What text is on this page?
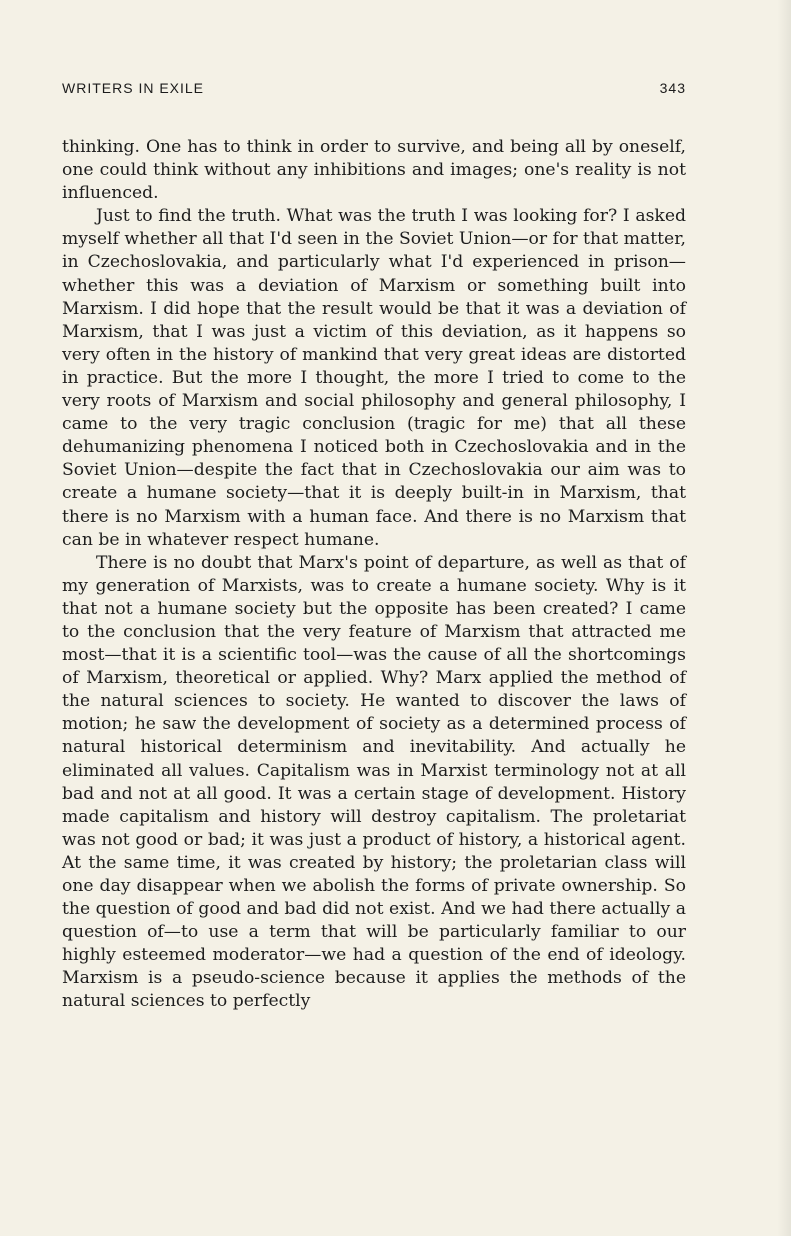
WRITERS IN EXILE	343

thinking. One has to think in order to survive, and being all by oneself, one could think without any inhibitions and images; one's reality is not influenced.

Just to find the truth. What was the truth I was looking for? I asked myself whether all that I'd seen in the Soviet Union—or for that matter, in Czechoslovakia, and particularly what I'd experienced in prison—whether this was a deviation of Marxism or something built into Marxism. I did hope that the result would be that it was a deviation of Marxism, that I was just a victim of this deviation, as it happens so very often in the history of mankind that very great ideas are distorted in practice. But the more I thought, the more I tried to come to the very roots of Marxism and social philosophy and general philosophy, I came to the very tragic conclusion (tragic for me) that all these dehumanizing phenomena I noticed both in Czechoslovakia and in the Soviet Union—despite the fact that in Czechoslovakia our aim was to create a humane society—that it is deeply built-in in Marxism, that there is no Marxism with a human face. And there is no Marxism that can be in whatever respect humane.

There is no doubt that Marx's point of departure, as well as that of my generation of Marxists, was to create a humane society. Why is it that not a humane society but the opposite has been created? I came to the conclusion that the very feature of Marxism that attracted me most—that it is a scientific tool—was the cause of all the shortcomings of Marxism, theoretical or applied. Why? Marx applied the method of the natural sciences to society. He wanted to discover the laws of motion; he saw the development of society as a determined process of natural historical determinism and inevitability. And actually he eliminated all values. Capitalism was in Marxist terminology not at all bad and not at all good. It was a certain stage of development. History made capitalism and history will destroy capitalism. The proletariat was not good or bad; it was just a product of history, a historical agent. At the same time, it was created by history; the proletarian class will one day disappear when we abolish the forms of private ownership. So the question of good and bad did not exist. And we had there actually a question of—to use a term that will be particularly familiar to our highly esteemed moderator—we had a question of the end of ideology. Marxism is a pseudo-science because it applies the methods of the natural sciences to perfectly
